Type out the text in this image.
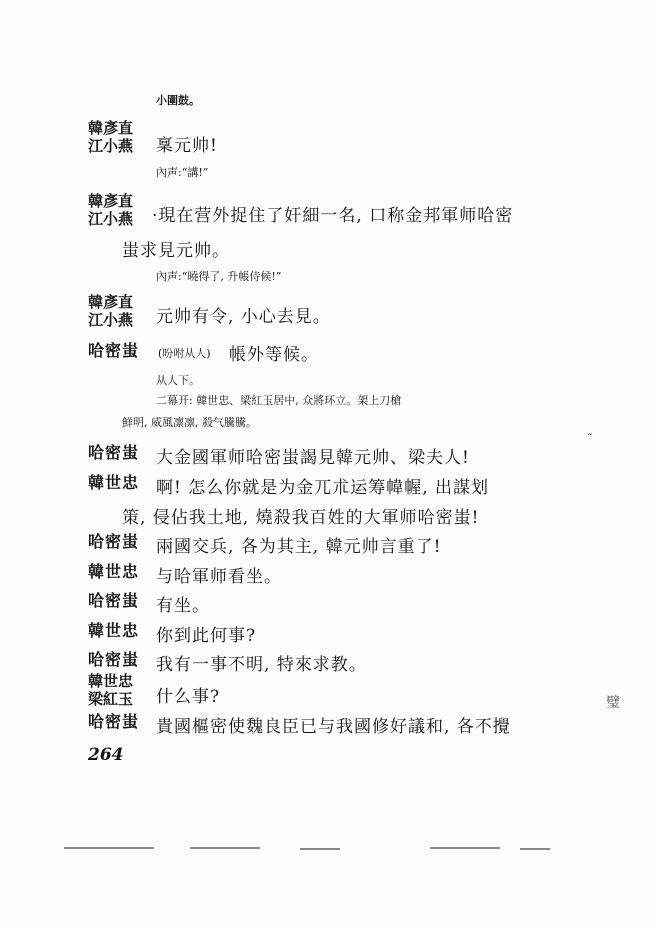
小圍鼓。
韓彥直
江小燕 稟元帅!
內声:“講!”
韓彥直
江小燕 ·現在营外捉住了奸細一名, 口称金邦軍师哈密
蚩求見元帅。
內声:“曉得了, 升帳侍候!”
韓彥直
江小燕 元帅有令, 小心去見。
哈密蚩 (吩咐从人) 帳外等候。
从人下。
二幕开: 韓世忠、梁紅玉居中, 众將环立。架上刀槍
鮮明, 威風凛凛, 殺气騰騰。
哈密蚩 大金國軍师哈密蚩謁見韓元帅、梁夫人!
韓世忠 啊! 怎么你就是为金兀朮运筹幃幄, 出謀划
策, 侵佔我土地, 燒殺我百姓的大軍师哈密蚩!
哈密蚩 兩國交兵, 各为其主, 韓元帅言重了!
韓世忠 与哈軍师看坐。
哈密蚩 有坐。
韓世忠 你到此何事?
哈密蚩 我有一事不明, 特來求教。
韓世忠
梁紅玉 什么事?
哈密蚩 貴國樞密使魏良臣已与我國修好議和, 各不攪
264
˜
璧
